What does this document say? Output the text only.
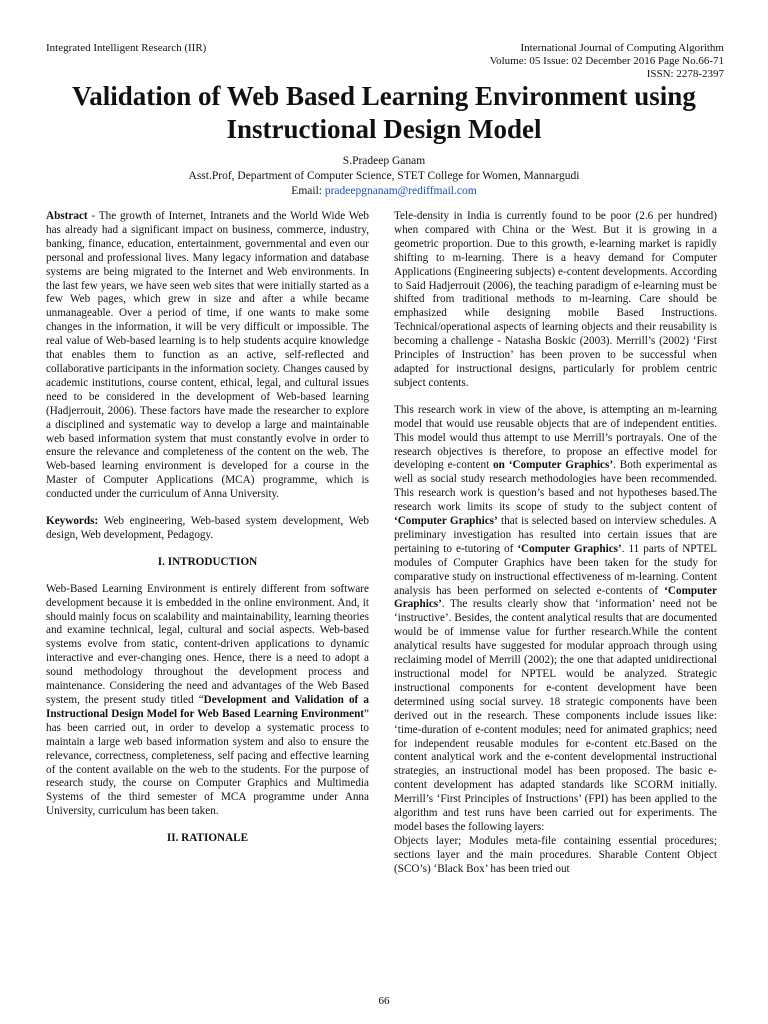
Integrated Intelligent Research (IIR)	International Journal of Computing Algorithm
Volume: 05 Issue: 02 December 2016 Page No.66-71
ISSN: 2278-2397
Validation of Web Based Learning Environment using Instructional Design Model
S.Pradeep Ganam
Asst.Prof, Department of Computer Science, STET College for Women, Mannargudi
Email: pradeepgnanam@rediffmail.com

Abstract - The growth of Internet, Intranets and the World Wide Web has already had a significant impact on business, commerce, industry, banking, finance, education, entertainment, governmental and even our personal and professional lives. Many legacy information and database systems are being migrated to the Internet and Web environments. In the last few years, we have seen web sites that were initially started as a few Web pages, which grew in size and after a while became unmanageable. Over a period of time, if one wants to make some changes in the information, it will be very difficult or impossible. The real value of Web-based learning is to help students acquire knowledge that enables them to function as an active, self-reflected and collaborative participants in the information society. Changes caused by academic institutions, course content, ethical, legal, and cultural issues need to be considered in the development of Web-based learning (Hadjerrouit, 2006). These factors have made the researcher to explore a disciplined and systematic way to develop a large and maintainable web based information system that must constantly evolve in order to ensure the relevance and completeness of the content on the web. The Web-based learning environment is developed for a course in the Master of Computer Applications (MCA) programme, which is conducted under the curriculum of Anna University.

Keywords: Web engineering, Web-based system development, Web design, Web development, Pedagogy.

I. INTRODUCTION

Web-Based Learning Environment is entirely different from software development because it is embedded in the online environment. And, it should mainly focus on scalability and maintainability, learning theories and examine technical, legal, cultural and social aspects. Web-based systems evolve from static, content-driven applications to dynamic interactive and ever-changing ones. Hence, there is a need to adopt a sound methodology throughout the development process and maintenance. Considering the need and advantages of the Web Based system, the present study titled “Development and Validation of a Instructional Design Model for Web Based Learning Environment” has been carried out, in order to develop a systematic process to maintain a large web based information system and also to ensure the relevance, correctness, completeness, self pacing and effective learning of the content available on the web to the students. For the purpose of research study, the course on Computer Graphics and Multimedia Systems of the third semester of MCA programme under Anna University, curriculum has been taken.

II. RATIONALE

Tele-density in India is currently found to be poor (2.6 per hundred) when compared with China or the West. But it is growing in a geometric proportion. Due to this growth, e-learning market is rapidly shifting to m-learning. There is a heavy demand for Computer Applications (Engineering subjects) e-content developments. According to Said Hadjerrouit (2006), the teaching paradigm of e-learning must be shifted from traditional methods to m-learning. Care should be emphasized while designing mobile Based Instructions. Technical/operational aspects of learning objects and their reusability is becoming a challenge - Natasha Boskic (2003). Merrill’s (2002) ‘First Principles of Instruction’ has been proven to be successful when adapted for instructional designs, particularly for problem centric subject contents.

This research work in view of the above, is attempting an m-learning model that would use reusable objects that are of independent entities. This model would thus attempt to use Merrill’s portrayals. One of the research objectives is therefore, to propose an effective model for developing e-content on ‘Computer Graphics’. Both experimental as well as social study research methodologies have been recommended. This research work is question’s based and not hypotheses based.The research work limits its scope of study to the subject content of ‘Computer Graphics’ that is selected based on interview schedules. A preliminary investigation has resulted into certain issues that are pertaining to e-tutoring of ‘Computer Graphics’. 11 parts of NPTEL modules of Computer Graphics have been taken for the study for comparative study on instructional effectiveness of m-learning. Content analysis has been performed on selected e-contents of ‘Computer Graphics’. The results clearly show that ‘information’ need not be ‘instructive’. Besides, the content analytical results that are documented would be of immense value for further research.While the content analytical results have suggested for modular approach through using reclaiming model of Merrill (2002); the one that adapted unidirectional instructional model for NPTEL would be analyzed. Strategic instructional components for e-content development have been determined using social survey. 18 strategic components have been derived out in the research. These components include issues like: ‘time-duration of e-content modules; need for animated graphics; need for independent reusable modules for e-content etc.Based on the content analytical work and the e-content developmental instructional strategies, an instructional model has been proposed. The basic e-content development has adapted standards like SCORM initially. Merrill’s ‘First Principles of Instructions’ (FPI) has been applied to the algorithm and test runs have been carried out for experiments. The model bases the following layers:

Objects layer; Modules meta-file containing essential procedures; sections layer and the main procedures. Sharable Content Object (SCO’s) ‘Black Box’ has been tried out

66
